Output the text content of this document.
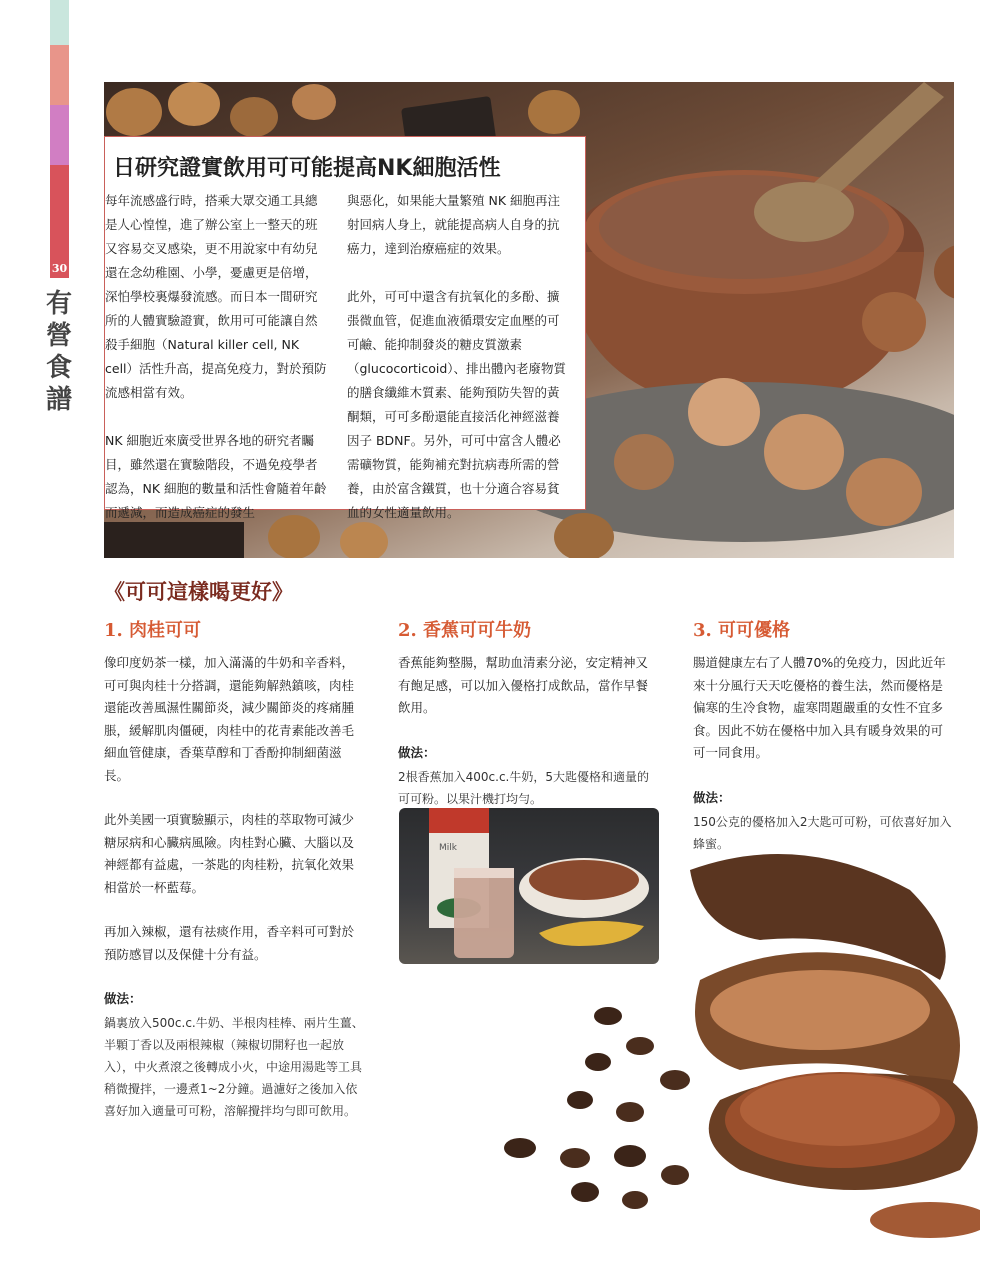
30
有營食譜
日研究證實飲用可可能提高NK細胞活性

每年流感盛行時，搭乘大眾交通工具總是人心惶惶，進了辦公室上一整天的班又容易交叉感染，更不用說家中有幼兒還在念幼稚園、小學，憂慮更是倍增，深怕學校裏爆發流感。而日本一間研究所的人體實驗證實，飲用可可能讓自然殺手細胞（Natural killer cell, NK cell）活性升高，提高免疫力，對於預防流感相當有效。

NK 細胞近來廣受世界各地的研究者矚目，雖然還在實驗階段，不過免疫學者認為，NK 細胞的數量和活性會隨着年齡而遞減，而造成癌症的發生

與惡化，如果能大量繁殖 NK 細胞再注射回病人身上，就能提高病人自身的抗癌力，達到治療癌症的效果。

此外，可可中還含有抗氧化的多酚、擴張微血管，促進血液循環安定血壓的可可鹼、能抑制發炎的糖皮質激素（glucocorticoid）、排出體內老廢物質的膳食纖維木質素、能夠預防失智的黃酮類，可可多酚還能直接活化神經滋養因子 BDNF。另外，可可中富含人體必需礦物質，能夠補充對抗病毒所需的營養，由於富含鐵質，也十分適合容易貧血的女性適量飲用。

《可可這樣喝更好》
1. 肉桂可可

像印度奶茶一樣，加入滿滿的牛奶和辛香料，可可與肉桂十分搭調，還能夠解熱鎮咳，肉桂還能改善風濕性關節炎，減少關節炎的疼痛腫脹，緩解肌肉僵硬，肉桂中的花青素能改善毛細血管健康，香葉草醇和丁香酚抑制細菌滋長。

此外美國一項實驗顯示，肉桂的萃取物可減少糖尿病和心臟病風險。肉桂對心臟、大腦以及神經都有益處，一茶匙的肉桂粉，抗氧化效果相當於一杯藍莓。

再加入辣椒，還有祛痰作用，香辛料可可對於預防感冒以及保健十分有益。

做法：
鍋裏放入500c.c.牛奶、半根肉桂棒、兩片生薑、半顆丁香以及兩根辣椒（辣椒切開籽也一起放入），中火煮滾之後轉成小火，中途用湯匙等工具稍微攪拌，一邊煮1~2分鐘。過濾好之後加入依喜好加入適量可可粉，溶解攪拌均勻即可飲用。
2. 香蕉可可牛奶

香蕉能夠整腸，幫助血清素分泌，安定精神又有飽足感，可以加入優格打成飲品，當作早餐飲用。

做法：
2根香蕉加入400c.c.牛奶，5大匙優格和適量的可可粉。以果汁機打均勻。
3. 可可優格

腸道健康左右了人體70%的免疫力，因此近年來十分風行天天吃優格的養生法，然而優格是偏寒的生冷食物，虛寒問題嚴重的女性不宜多食。因此不妨在優格中加入具有暖身效果的可可一同食用。

做法：
150公克的優格加入2大匙可可粉，可依喜好加入蜂蜜。
Milk
